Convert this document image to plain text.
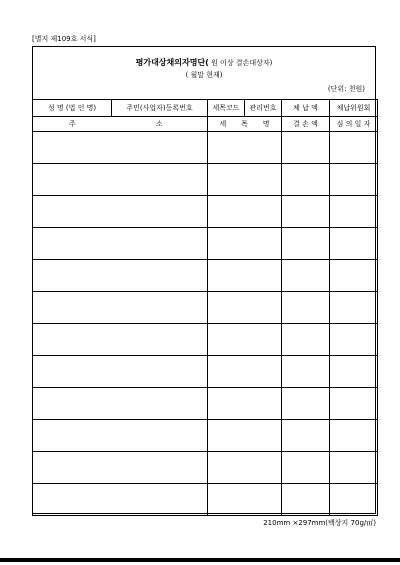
[별지 제109호 서식]
평가대상채의자명단( 원 이상 결손대상자)
( 월말 현재)
(단위: 천원)
성 명 (법 인 명)	주민(사업자)등록번호	세목코드	관리번호	체 납 액	체납위원회
주	소	세 목 명		결 손 액	심 의 일 자

210mm ×297mm(백상지 70g/㎡)
